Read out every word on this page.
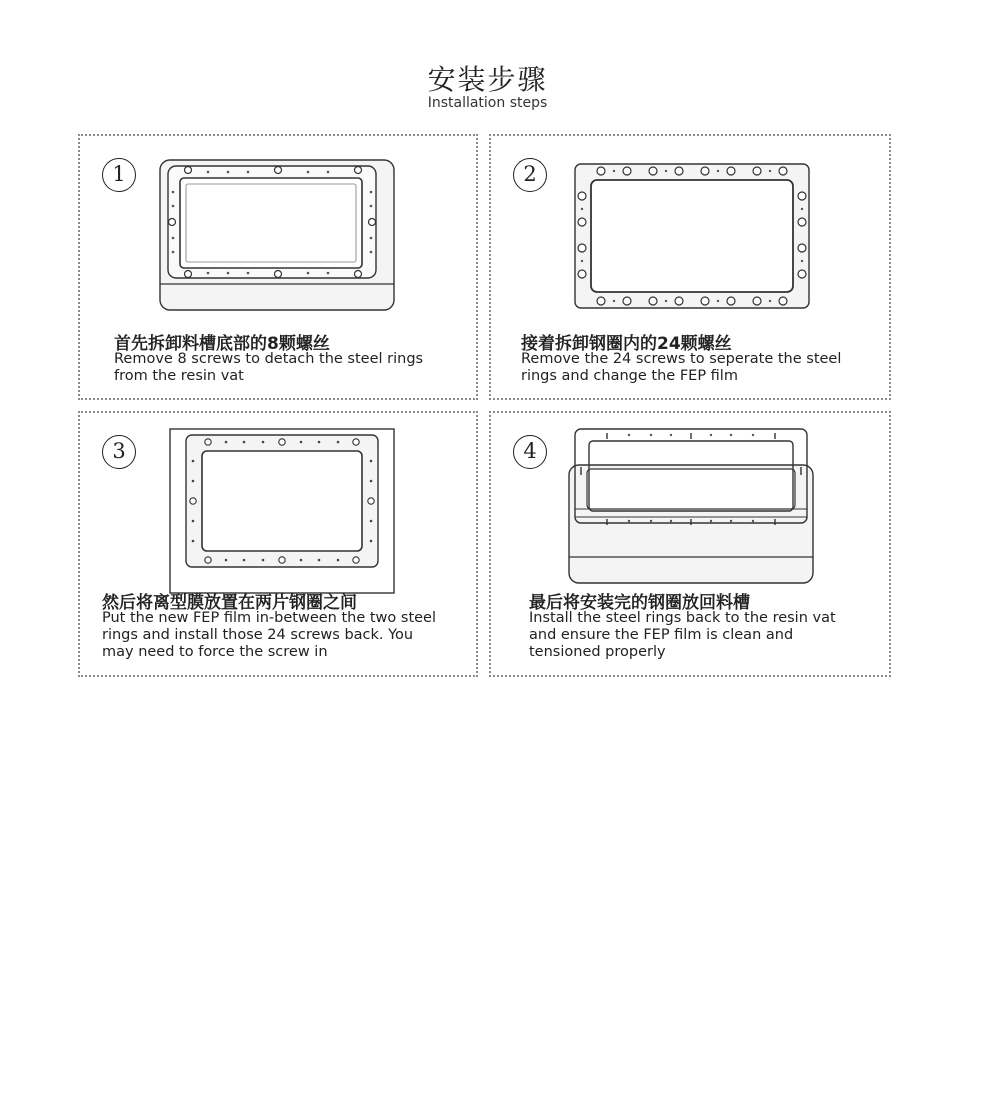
安装步骤
Installation steps
1
首先拆卸料槽底部的8颗螺丝
Remove 8 screws to detach the steel rings
from the resin vat
2
接着拆卸钢圈内的24颗螺丝
Remove the 24 screws to seperate the steel
rings and change the FEP film
3
然后将离型膜放置在两片钢圈之间
Put the new FEP film in-between the two steel
rings and install those 24 screws back. You
may need to force the screw in
4
最后将安装完的钢圈放回料槽
Install the steel rings back to the resin vat
and ensure the FEP film is clean and
tensioned properly
